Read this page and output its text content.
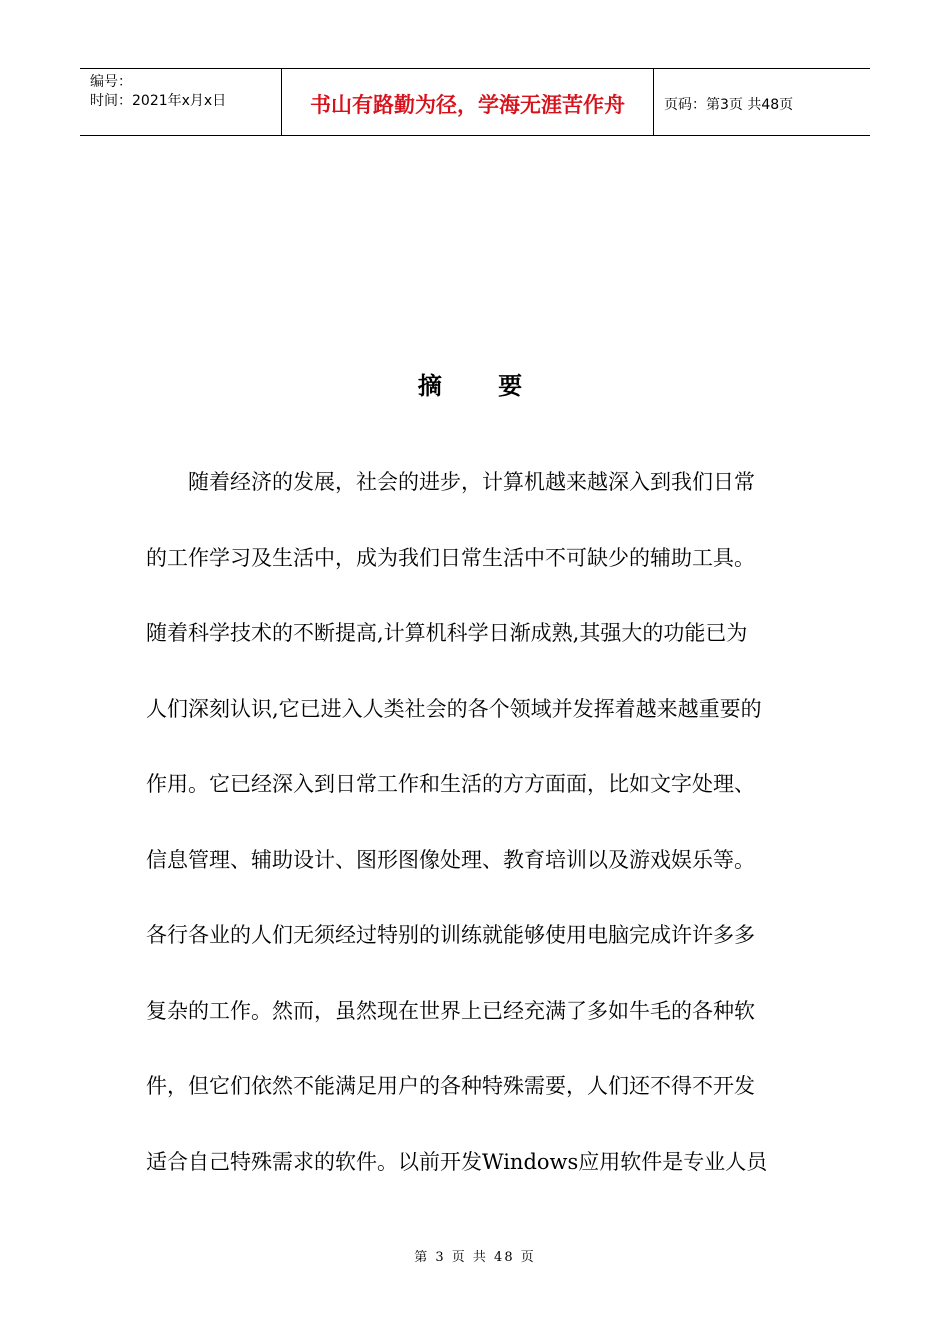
编号：
时间：2021年x月x日	书山有路勤为径，学海无涯苦作舟	页码：第3页 共48页
摘 要
随着经济的发展，社会的进步，计算机越来越深入到我们日常
的工作学习及生活中，成为我们日常生活中不可缺少的辅助工具。
随着科学技术的不断提高,计算机科学日渐成熟,其强大的功能已为
人们深刻认识,它已进入人类社会的各个领域并发挥着越来越重要的
作用。它已经深入到日常工作和生活的方方面面，比如文字处理、
信息管理、辅助设计、图形图像处理、教育培训以及游戏娱乐等。
各行各业的人们无须经过特别的训练就能够使用电脑完成许许多多
复杂的工作。然而，虽然现在世界上已经充满了多如牛毛的各种软
件，但它们依然不能满足用户的各种特殊需要，人们还不得不开发
适合自己特殊需求的软件。以前开发Windows应用软件是专业人员
第 3 页 共 48 页
